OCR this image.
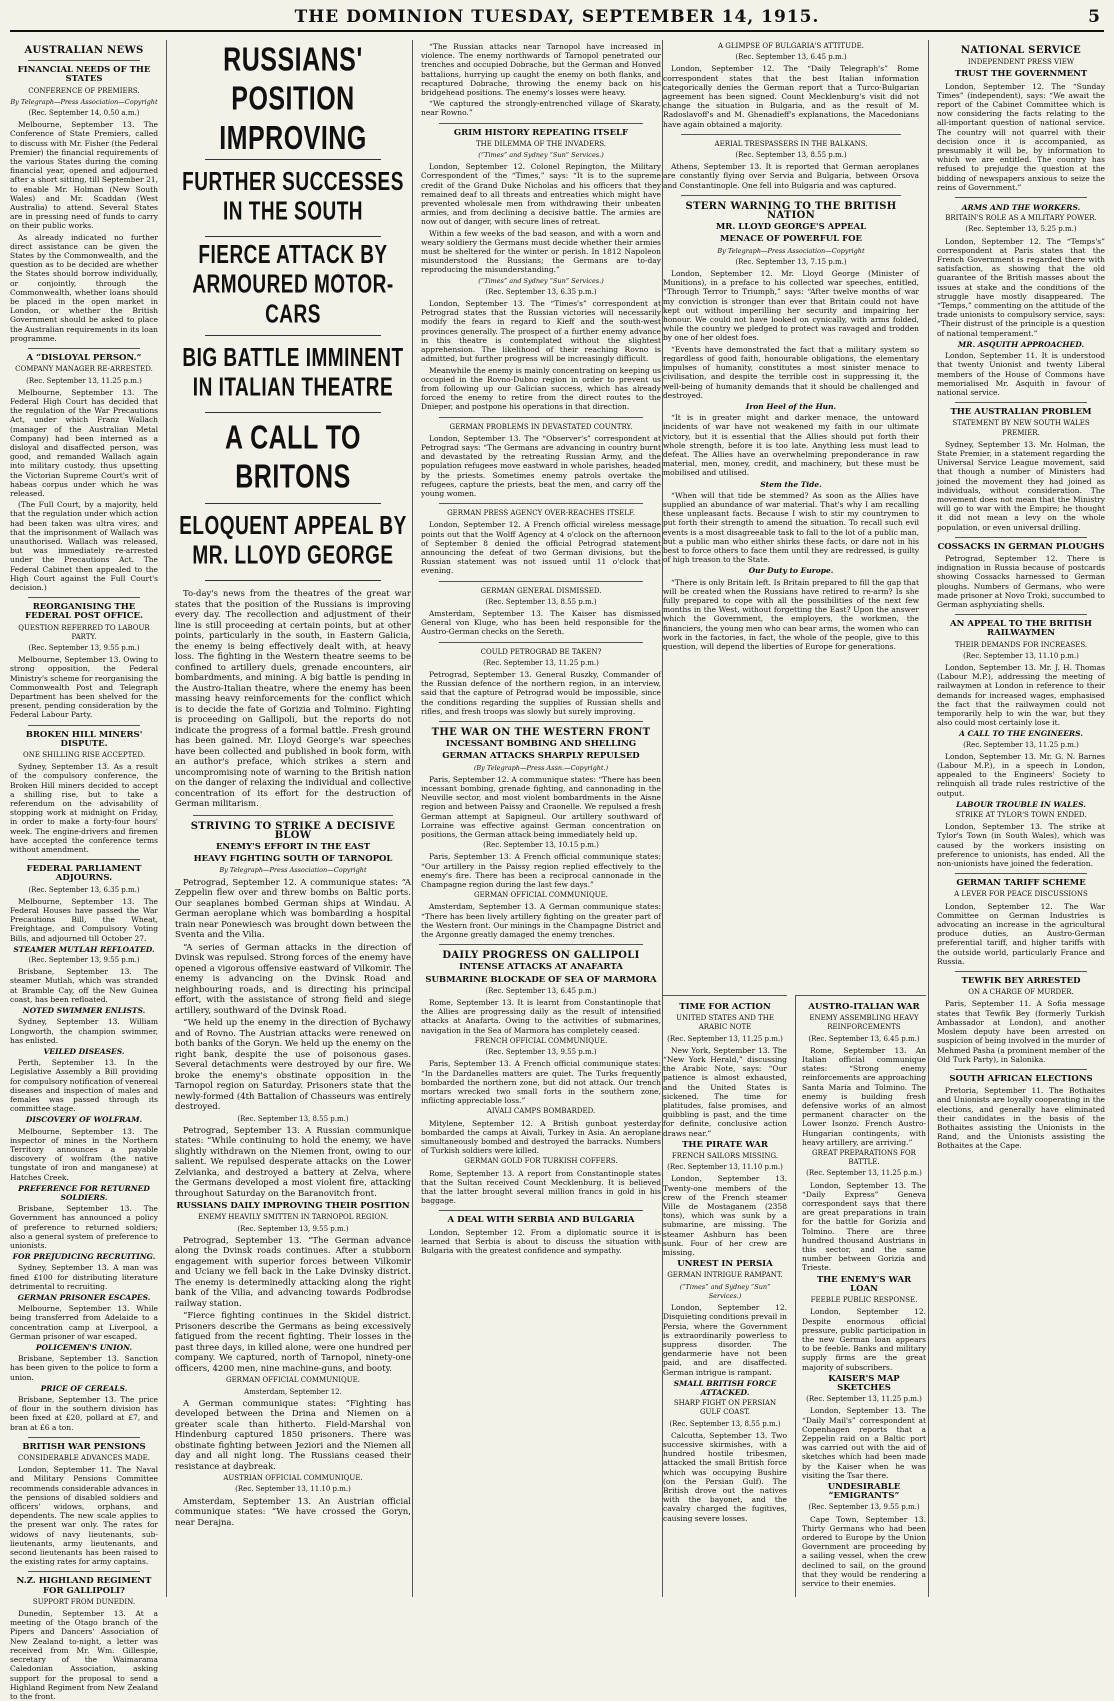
THE DOMINION TUESDAY, SEPTEMBER 14, 1915.	5
AUSTRALIAN NEWS
FINANCIAL NEEDS OF THE STATES
CONFERENCE OF PREMIERS.
By Telegraph—Press Association—Copyright
(Rec. September 14, 0.50 a.m.)

Melbourne, September 13. The Conference of State Premiers, called to discuss with Mr. Fisher (the Federal Premier) the financial requirements of the various States during the coming financial year, opened and adjourned after a short sitting, till September 21, to enable Mr. Holman (New South Wales) and Mr. Scaddan (West Australia) to attend. Several States are in pressing need of funds to carry on their public works.

As already indicated no further direct assistance can be given the States by the Commonwealth, and the question as to be decided are whether the States should borrow individually, or conjointly, through the Commonwealth, whether loans should be placed in the open market in London, or whether the British Government should be asked to place the Australian requirements in its loan programme.

A “DISLOYAL PERSON.”
COMPANY MANAGER RE-ARRESTED.
(Rec. September 13, 11.25 p.m.)

Melbourne, September 13. The Federal High Court has decided that the regulation of the War Precautions Act, under which Franz Wallach (manager of the Australian Metal Company) had been interned as a disloyal and disaffected person, was good, and remanded Wallach again into military custody, thus upsetting the Victorian Supreme Court's writ of habeas corpus under which he was released.

(The Full Court, by a majority, held that the regulation under which action had been taken was ultra vires, and that the imprisonment of Wallach was unauthorised. Wallach was released, but was immediately re-arrested under the Precautions Act. The Federal Cabinet then appealed to the High Court against the Full Court's decision.)

REORGANISING THE FEDERAL POST OFFICE.
QUESTION REFERRED TO LABOUR PARTY.
(Rec. September 13, 9.55 p.m.)

Melbourne, September 13. Owing to strong opposition, the Federal Ministry's scheme for reorganising the Commonwealth Post and Telegraph Department has been shelved for the present, pending consideration by the Federal Labour Party.

BROKEN HILL MINERS' DISPUTE.
ONE SHILLING RISE ACCEPTED.

Sydney, September 13. As a result of the compulsory conference, the Broken Hill miners decided to accept a shilling rise, but to take a referendum on the advisability of stopping work at midnight on Friday, in order to make a forty-four hours' week. The engine-drivers and firemen have accepted the conference terms without amendment.

FEDERAL PARLIAMENT ADJOURNS.
(Rec. September 13, 6.35 p.m.)

Melbourne, September 13. The Federal Houses have passed the War Precautions Bill, the Wheat, Freightage, and Compulsory Voting Bills, and adjourned till October 27.

STEAMER MUTLAH REFLOATED.
(Rec. September 13, 9.55 p.m.)

Brisbane, September 13. The steamer Mutlah, which was stranded at Bramble Cay, off the New Guinea coast, has been refloated.

NOTED SWIMMER ENLISTS.

Sydney, September 13. William Longworth, the champion swimmer, has enlisted.

VEILED DISEASES.

Perth, September 13. In the Legislative Assembly a Bill providing for compulsory notification of venereal diseases and inspection of males and females was passed through its committee stage.

DISCOVERY OF WOLFRAM.

Melbourne, September 13. The inspector of mines in the Northern Territory announces a payable discovery of wolfram (the native tungstate of iron and manganese) at Hatches Creek.

PREFERENCE FOR RETURNED SOLDIERS.

Brisbane, September 13. The Government has announced a policy of preference to returned soldiers; also a general system of preference to unionists.

FOR PREJUDICING RECRUITING.

Sydney, September 13. A man was fined £100 for distributing literature detrimental to recruiting.

GERMAN PRISONER ESCAPES.

Melbourne, September 13. While being transferred from Adelaide to a concentration camp at Liverpool, a German prisoner of war escaped.

POLICEMEN'S UNION.

Brisbane, September 13. Sanction has been given to the police to form a union.

PRICE OF CEREALS.

Brisbane, September 13. The price of flour in the southern division has been fixed at £20, pollard at £7, and bran at £6 a ton.

BRITISH WAR PENSIONS
CONSIDERABLE ADVANCES MADE.

London, September 11. The Naval and Military Pensions Committee recommends considerable advances in the pensions of disabled soldiers and officers' widows, orphans, and dependents. The new scale applies to the present war only. The rates for widows of navy lieutenants, sub-lieutenants, army lieutenants, and second lieutenants has been raised to the existing rates for army captains.

N.Z. HIGHLAND REGIMENT FOR GALLIPOLI?
SUPPORT FROM DUNEDIN.

Dunedin, September 13. At a meeting of the Otago branch of the Pipers and Dancers' Association of New Zealand to-night, a letter was received from Mr. Wm. Gillespie, secretary of the Waimarama Caledonian Association, asking support for the proposal to send a Highland Regiment from New Zealand to the front.

RUSSIANS' POSITION IMPROVING
FURTHER SUCCESSES IN THE SOUTH
FIERCE ATTACK BY ARMOURED MOTOR-CARS
BIG BATTLE IMMINENT IN ITALIAN THEATRE
A CALL TO BRITONS
ELOQUENT APPEAL BY MR. LLOYD GEORGE

To-day's news from the theatres of the great war states that the position of the Russians is improving every day. The recollection and adjustment of their line is still proceeding at certain points, but at other points, particularly in the south, in Eastern Galicia, the enemy is being effectively dealt with, at heavy loss. The fighting in the Western theatre seems to be confined to artillery duels, grenade encounters, air bombardments, and mining. A big battle is pending in the Austro-Italian theatre, where the enemy has been massing heavy reinforcements for the conflict which is to decide the fate of Gorizia and Tolmino. Fighting is proceeding on Gallipoli, but the reports do not indicate the progress of a formal battle. Fresh ground has been gained. Mr. Lloyd George's war speeches have been collected and published in book form, with an author's preface, which strikes a stern and uncompromising note of warning to the British nation on the danger of relaxing the individual and collective concentration of its effort for the destruction of German militarism.

STRIVING TO STRIKE A DECISIVE BLOW
ENEMY'S EFFORT IN THE EAST
HEAVY FIGHTING SOUTH OF TARNOPOL
By Telegraph—Press Association—Copyright

Petrograd, September 12. A communique states: “A Zeppelin flew over and threw bombs on Baltic ports. Our seaplanes bombed German ships at Windau. A German aeroplane which was bombarding a hospital train near Ponewiesch was brought down between the Sventa and the Vilia.

“A series of German attacks in the direction of Dvinsk was repulsed. Strong forces of the enemy have opened a vigorous offensive eastward of Vilkomir. The enemy is advancing on the Dvinsk Road and neighbouring roads, and is directing his principal effort, with the assistance of strong field and siege artillery, southward of the Dvinsk Road.

“We held up the enemy in the direction of Bychawy and of Rovno. The Austrian attacks were renewed on both banks of the Goryn. We held up the enemy on the right bank, despite the use of poisonous gases. Several detachments were destroyed by our fire. We broke the enemy's obstinate opposition in the Tarnopol region on Saturday. Prisoners state that the newly-formed (4th Battalion of Chasseurs was entirely destroyed.

(Rec. September 13, 8.55 p.m.)

Petrograd, September 13. A Russian communique states: “While continuing to hold the enemy, we have slightly withdrawn on the Niemen front, owing to our salient. We repulsed desperate attacks on the Lower Zelvianka, and destroyed a battery at Zelva, where the Germans developed a most violent fire, attacking throughout Saturday on the Baranovitch front.

RUSSIANS DAILY IMPROVING THEIR POSITION
ENEMY HEAVILY SMITTEN IN TARNOPOL REGION.
(Rec. September 13, 9.55 p.m.)

Petrograd, September 13. “The German advance along the Dvinsk roads continues. After a stubborn engagement with superior forces between Vilkomir and Uciany we fell back in the Lake Dvinsky district. The enemy is determinedly attacking along the right bank of the Vilia, and advancing towards Podbrodse railway station.

“Fierce fighting continues in the Skidel district. Prisoners describe the Germans as being excessively fatigued from the recent fighting. Their losses in the past three days, in killed alone, were one hundred per company. We captured, north of Tarnopol, ninety-one officers, 4200 men, nine machine-guns, and booty.

GERMAN OFFICIAL COMMUNIQUE.
Amsterdam, September 12.

A German communique states: “Fighting has developed between the Drina and Niemen on a greater scale than hitherto. Field-Marshal von Hindenburg captured 1850 prisoners. There was obstinate fighting between Jeziori and the Niemen all day and all night long. The Russians ceased their resistance at daybreak.

AUSTRIAN OFFICIAL COMMUNIQUE.
(Rec. September 13, 11.10 p.m.)

Amsterdam, September 13. An Austrian official communique states: “We have crossed the Goryn, near Derajna.

“The Russian attacks near Tarnopol have increased in violence. The enemy northwards of Tarnopol penetrated our trenches and occupied Dobrache, but the German and Honved battalions, hurrying up caught the enemy on both flanks, and recaptured Dobrache, throwing the enemy back on his bridgehead positions. The enemy's losses were heavy.

“We captured the strongly-entrenched village of Skaraty, near Rowno.”

GRIM HISTORY REPEATING ITSELF
THE DILEMMA OF THE INVADERS.
(“Times” and Sydney “Sun” Services.)

London, September 12. Colonel Repington, the Military Correspondent of the “Times,” says: “It is to the supreme credit of the Grand Duke Nicholas and his officers that they remained deaf to all threats and entreaties which might have prevented wholesale men from withdrawing their unbeaten armies, and from declining a decisive battle. The armies are now out of danger, with secure lines of retreat.

Within a few weeks of the bad season, and with a worn and weary soldiery the Germans must decide whether their armies must be sheltered for the winter or perish. In 1812 Napoleon misunderstood the Russians; the Germans are to-day reproducing the misunderstanding.”

(“Times” and Sydney “Sun” Services.)
(Rec. September 13, 6.35 p.m.)

London, September 13. The “Times's” correspondent at Petrograd states that the Russian victories will necessarily modify the fears in regard to Kieff and the south-west provinces generally. The prospect of a further enemy advance in this theatre is contemplated without the slightest apprehension. The likelihood of their reaching Rovno is admitted, but further progress will be increasingly difficult.

Meanwhile the enemy is mainly concentrating on keeping us occupied in the Rovno-Dubno region in order to prevent us from following up our Galician success, which has already forced the enemy to retire from the direct routes to the Dnieper, and postpone his operations in that direction.

GERMAN PROBLEMS IN DEVASTATED COUNTRY.

London, September 13. The “Observer's” correspondent at Petrograd says: “The Germans are advancing in country burnt and devastated by the retreating Russian Army, and the population refugees move eastward in whole parishes, headed by the priests. Sometimes enemy patrols overtake the refugees, capture the priests, beat the men, and carry off the young women.

GERMAN PRESS AGENCY OVER-REACHES ITSELF.

London, September 12. A French official wireless message points out that the Wolff Agency at 4 o'clock on the afternoon of September 8 denied the official Petrograd statement announcing the defeat of two German divisions, but the Russian statement was not issued until 11 o'clock that evening.

GERMAN GENERAL DISMISSED.
(Rec. September 13, 8.55 p.m.)

Amsterdam, September 13. The Kaiser has dismissed General von Kluge, who has been held responsible for the Austro-German checks on the Sereth.

COULD PETROGRAD BE TAKEN?
(Rec. September 13, 11.25 p.m.)

Petrograd, September 13. General Ruszky, Commander of the Russian defence of the northern region, in an interview, said that the capture of Petrograd would be impossible, since the conditions regarding the supplies of Russian shells and rifles, and fresh troops was slowly but surely improving.

THE WAR ON THE WESTERN FRONT
INCESSANT BOMBING AND SHELLING
GERMAN ATTACKS SHARPLY REPULSED
(By Telegraph—Press Assn.—Copyright.)

Paris, September 12. A communique states: “There has been incessant bombing, grenade fighting, and cannonading in the Neuville sector, and most violent bombardments in the Aisne region and between Paissy and Craonelle. We repulsed a fresh German attempt at Sapigneul. Our artillery southward of Lorraine was effective against German concentration on positions, the German attack being immediately held up.

(Rec. September 13, 10.15 p.m.)

Paris, September 13. A French official communique states: “Our artillery in the Paissy region replied effectively to the enemy's fire. There has been a reciprocal cannonade in the Champagne region during the last few days.”

GERMAN OFFICIAL COMMUNIQUE.

Amsterdam, September 13. A German communique states: “There has been lively artillery fighting on the greater part of the Western front. Our minings in the Champagne District and the Argonne greatly damaged the enemy trenches.

DAILY PROGRESS ON GALLIPOLI
INTENSE ATTACKS AT ANAFARTA
SUBMARINE BLOCKADE OF SEA OF MARMORA
(Rec. September 13, 6.45 p.m.)

Rome, September 13. It is learnt from Constantinople that the Allies are progressing daily as the result of intensified attacks at Anafarta. Owing to the activities of submarines, navigation in the Sea of Marmora has completely ceased.

FRENCH OFFICIAL COMMUNIQUE.
(Rec. September 13, 9.55 p.m.)

Paris, September 13. A French official communique states: “In the Dardanelles matters are quiet. The Turks frequently bombarded the northern zone, but did not attack. Our trench mortars wrecked two small forts in the southern zone, inflicting appreciable loss.”

AIVALI CAMPS BOMBARDED.

Mitylene, September 12. A British gunboat yesterday bombarded the camps at Aivali, Turkey in Asia. An aeroplane simultaneously bombed and destroyed the barracks. Numbers of Turkish soldiers were killed.

GERMAN GOLD FOR TURKISH COFFERS.

Rome, September 13. A report from Constantinople states that the Sultan received Count Mecklenburg. It is believed that the latter brought several million francs in gold in his baggage.

A DEAL WITH SERBIA AND BULGARIA

London, September 12. From a diplomatic source it is learned that Serbia is about to discuss the situation with Bulgaria with the greatest confidence and sympathy.

A GLIMPSE OF BULGARIA'S ATTITUDE.
(Rec. September 13, 6.45 p.m.)

London, September 12. The “Daily Telegraph's” Rome correspondent states that the best Italian information categorically denies the German report that a Turco-Bulgarian agreement has been signed. Count Mecklenburg's visit did not change the situation in Bulgaria, and as the result of M. Radoslavoff's and M. Ghenadieff's explanations, the Macedonians have again obtained a majority.

AERIAL TRESPASSERS IN THE BALKANS.
(Rec. September 13, 8.55 p.m.)

Athens, September 13. It is reported that German aeroplanes are constantly flying over Servia and Bulgaria, between Orsova and Constantinople. One fell into Bulgaria and was captured.

STERN WARNING TO THE BRITISH NATION
MR. LLOYD GEORGE'S APPEAL
MENACE OF POWERFUL FOE
By Telegraph—Press Association—Copyright
(Rec. September 13, 7.15 p.m.)

London, September 12. Mr. Lloyd George (Minister of Munitions), in a preface to his collected war speeches, entitled, “Through Terror to Triumph,” says: “After twelve months of war my conviction is stronger than ever that Britain could not have kept out without imperilling her security and impairing her honour. We could not have looked on cynically, with arms folded, while the country we pledged to protect was ravaged and trodden by one of her oldest foes.

“Events have demonstrated the fact that a military system so regardless of good faith, honourable obligations, the elementary impulses of humanity, constitutes a most sinister menace to civilisation, and despite the terrible cost in suppressing it, the well-being of humanity demands that it should be challenged and destroyed.

Iron Heel of the Hun.

“It is in greater might and darker menace, the untoward incidents of war have not weakened my faith in our ultimate victory, but it is essential that the Allies should put forth their whole strength, before it is too late. Anything less must lead to defeat. The Allies have an overwhelming preponderance in raw material, men, money, credit, and machinery, but these must be mobilised and utilised.

Stem the Tide.

“When will that tide be stemmed? As soon as the Allies have supplied an abundance of war material. That's why I am recalling these unpleasant facts. Because I wish to stir my countrymen to put forth their strength to amend the situation. To recall such evil events is a most disagreeable task to fall to the lot of a public man, but a public man who either shirks these facts, or dare not in his best to force others to face them until they are redressed, is guilty of high treason to the State.

Our Duty to Europe.

“There is only Britain left. Is Britain prepared to fill the gap that will be created when the Russians have retired to re-arm? Is she fully prepared to cope with all the possibilities of the next few months in the West, without forgetting the East? Upon the answer which the Government, the employers, the workmen, the financiers, the young men who can bear arms, the women who can work in the factories, in fact, the whole of the people, give to this question, will depend the liberties of Europe for generations.

TIME FOR ACTION
UNITED STATES AND THE ARABIC NOTE
(Rec. September 13, 11.25 p.m.)

New York, September 13. The “New York Herald,” discussing the Arabic Note, says: “Our patience is almost exhausted, and the United States is sickened. The time for platitudes, false promises, and quibbling is past, and the time for definite, conclusive action draws near.”

THE PIRATE WAR
FRENCH SAILORS MISSING.
(Rec. September 13, 11.10 p.m.)

London, September 13. Twenty-one members of the crew of the French steamer Ville de Mostaganem (2358 tons), which was sunk by a submarine, are missing. The steamer Ashburn has been sunk. Four of her crew are missing.

UNREST IN PERSIA
GERMAN INTRIGUE RAMPANT.
(“Times” and Sydney “Sun” Services.)

London, September 12. Disquieting conditions prevail in Persia, where the Government is extraordinarily powerless to suppress disorder. The gendarmerie have not been paid, and are disaffected. German intrigue is rampant.

SMALL BRITISH FORCE ATTACKED.
SHARP FIGHT ON PERSIAN GULF COAST.
(Rec. September 13, 8.55 p.m.)

Calcutta, September 13. Two successive skirmishes, with a hundred hostile tribesmen, attacked the small British force which was occupying Bushire (on the Persian Gulf). The British drove out the natives with the bayonet, and the cavalry charged the fugitives, causing severe losses.

AUSTRO-ITALIAN WAR
ENEMY ASSEMBLING HEAVY REINFORCEMENTS
(Rec. September 13, 6.45 p.m.)

Rome, September 13. An Italian official communique states: “Strong enemy reinforcements are approaching Santa Maria and Tolmino. The enemy is building fresh defensive works of an almost permanent character on the Lower Isonzo. French Austro-Hungarian contingents, with heavy artillery, are arriving.”

GREAT PREPARATIONS FOR BATTLE.
(Rec. September 13, 11.25 p.m.)

London, September 13. The “Daily Express” Geneva correspondent says that there are great preparations in train for the battle for Gorizia and Tolmino. There are three hundred thousand Austrians in this sector, and the same number between Gorizia and Trieste.

THE ENEMY'S WAR LOAN
FEEBLE PUBLIC RESPONSE.

London, September 12. Despite enormous official pressure, public participation in the new German loan appears to be feeble. Banks and military supply firms are the great majority of subscribers.

KAISER'S MAP SKETCHES
(Rec. September 13, 11.25 p.m.)

London, September 13. The “Daily Mail's” correspondent at Copenhagen reports that a Zeppelin raid on a Baltic port was carried out with the aid of sketches which had been made by the Kaiser when he was visiting the Tsar there.

UNDESIRABLE “EMIGRANTS”
(Rec. September 13, 9.55 p.m.)

Cape Town, September 13. Thirty Germans who had been ordered to Europe by the Union Government are proceeding by a sailing vessel, when the crew declined to sail, on the ground that they would be rendering a service to their enemies.

NATIONAL SERVICE
INDEPENDENT PRESS VIEW
TRUST THE GOVERNMENT

London, September 12. The “Sunday Times” (independent), says: “We await the report of the Cabinet Committee which is now considering the facts relating to the all-important question of national service. The country will not quarrel with their decision once it is accompanied, as presumably it will be, by information to which we are entitled. The country has refused to prejudge the question at the bidding of newspapers anxious to seize the reins of Government.”

ARMS AND THE WORKERS.
BRITAIN'S ROLE AS A MILITARY POWER.
(Rec. September 13, 5.25 p.m.)

London, September 12. The “Temps's” correspondent at Paris states that the French Government is regarded there with satisfaction, as showing that the old guarantee of the British masses about the issues at stake and the conditions of the struggle have mostly disappeared. The “Temps,” commenting on the attitude of the trade unionists to compulsory service, says: “Their distrust of the principle is a question of national temperament.”

MR. ASQUITH APPROACHED.

London, September 11. It is understood that twenty Unionist and twenty Liberal members of the House of Commons have memorialised Mr. Asquith in favour of national service.

THE AUSTRALIAN PROBLEM
STATEMENT BY NEW SOUTH WALES PREMIER.

Sydney, September 13. Mr. Holman, the State Premier, in a statement regarding the Universal Service League movement, said that though a number of Ministers had joined the movement they had joined as individuals, without consideration. The movement does not mean that the Ministry will go to war with the Empire; he thought it did not mean a levy on the whole population, or even universal drilling.

COSSACKS IN GERMAN PLOUGHS

Petrograd, September 12. There is indignation in Russia because of postcards showing Cossacks harnessed to German ploughs. Numbers of Germans, who were made prisoner at Novo Troki, succumbed to German asphyxiating shells.

AN APPEAL TO THE BRITISH RAILWAYMEN
THEIR DEMANDS FOR INCREASES.
(Rec. September 13, 11.10 p.m.)

London, September 13. Mr. J. H. Thomas (Labour M.P.), addressing the meeting of railwaymen at London in reference to their demands for increased wages, emphasised the fact that the railwaymen could not temporarily help to win the war, but they also could most certainly lose it.

A CALL TO THE ENGINEERS.
(Rec. September 13, 11.25 p.m.)

London, September 13. Mr. G. N. Barnes (Labour M.P.), in a speech in London, appealed to the Engineers' Society to relinquish all trade rules restrictive of the output.

LABOUR TROUBLE IN WALES.
STRIKE AT TYLOR'S TOWN ENDED.

London, September 13. The strike at Tylor's Town (in South Wales), which was caused by the workers insisting on preference to unionists, has ended. All the non-unionists have joined the federation.

GERMAN TARIFF SCHEME
A LEVER FOR PEACE DISCUSSIONS

London, September 12. The War Committee on German Industries is advocating an increase in the agricultural produce duties, an Austro-German preferential tariff, and higher tariffs with the outside world, particularly France and Russia.

TEWFIK BEY ARRESTED
ON A CHARGE OF MURDER.

Paris, September 11. A Sofia message states that Tewfik Bey (formerly Turkish Ambassador at London), and another Moslem deputy have been arrested on suspicion of being involved in the murder of Mehmed Pasha (a prominent member of the Old Turk Party), in Salonika.

SOUTH AFRICAN ELECTIONS

Pretoria, September 11. The Bothaites and Unionists are loyally cooperating in the elections, and generally have eliminated their candidates in the basis of the Bothaites assisting the Unionists in the Rand, and the Unionists assisting the Bothaites at the Cape.
